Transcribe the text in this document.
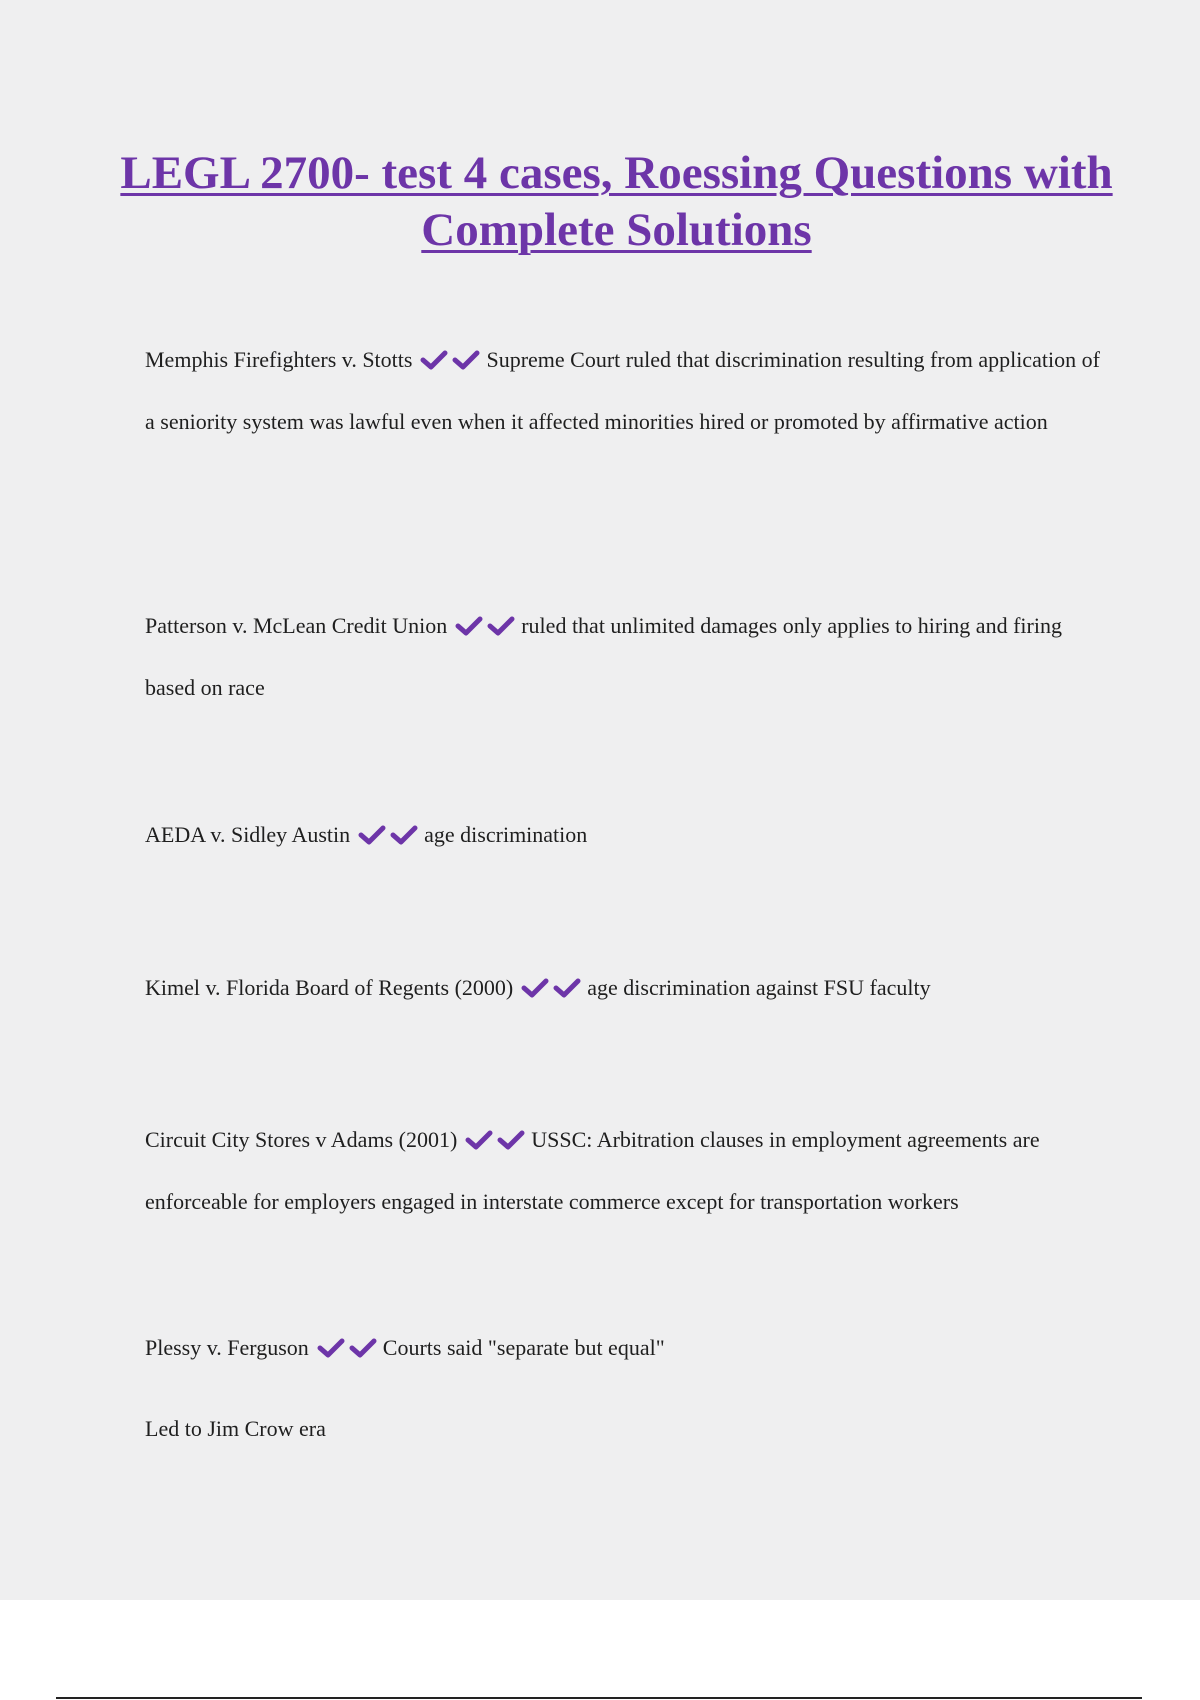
LEGL 2700- test 4 cases, Roessing Questions with Complete Solutions

Memphis Firefighters v. Stotts	Supreme Court ruled that discrimination resulting from application of a seniority system was lawful even when it affected minorities hired or promoted by affirmative action

Patterson v. McLean Credit Union	ruled that unlimited damages only applies to hiring and firing based on race

AEDA v. Sidley Austin	age discrimination

Kimel v. Florida Board of Regents (2000)	age discrimination against FSU faculty

Circuit City Stores v Adams (2001)	USSC: Arbitration clauses in employment agreements are enforceable for employers engaged in interstate commerce except for transportation workers

Plessy v. Ferguson	Courts said "separate but equal"

Led to Jim Crow era
